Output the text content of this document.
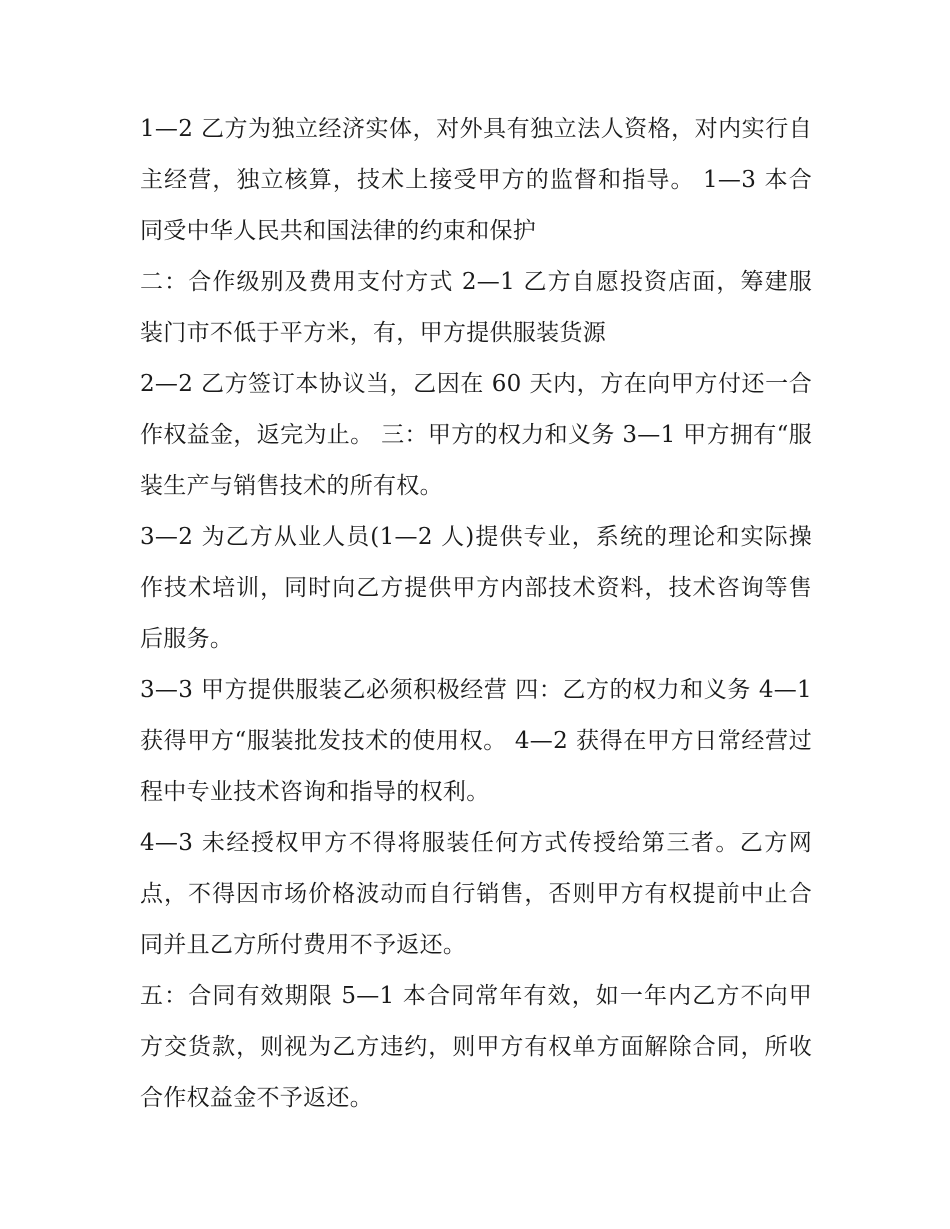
1—2 乙方为独立经济实体，对外具有独立法人资格，对内实行自主经营，独立核算，技术上接受甲方的监督和指导。 1—3 本合同受中华人民共和国法律的约束和保护

二：合作级别及费用支付方式 2—1 乙方自愿投资店面，筹建服装门市不低于平方米，有，甲方提供服装货源

2—2 乙方签订本协议当，乙因在 60 天内，方在向甲方付还一合作权益金，返完为止。 三：甲方的权力和义务 3—1 甲方拥有“服装生产与销售技术的所有权。

3—2 为乙方从业人员(1—2 人)提供专业，系统的理论和实际操作技术培训，同时向乙方提供甲方内部技术资料，技术咨询等售后服务。

3—3 甲方提供服装乙必须积极经营 四：乙方的权力和义务 4—1 获得甲方“服装批发技术的使用权。 4—2 获得在甲方日常经营过程中专业技术咨询和指导的权利。

4—3 未经授权甲方不得将服装任何方式传授给第三者。乙方网点，不得因市场价格波动而自行销售，否则甲方有权提前中止合同并且乙方所付费用不予返还。

五：合同有效期限 5—1 本合同常年有效，如一年内乙方不向甲方交货款，则视为乙方违约，则甲方有权单方面解除合同，所收合作权益金不予返还。
